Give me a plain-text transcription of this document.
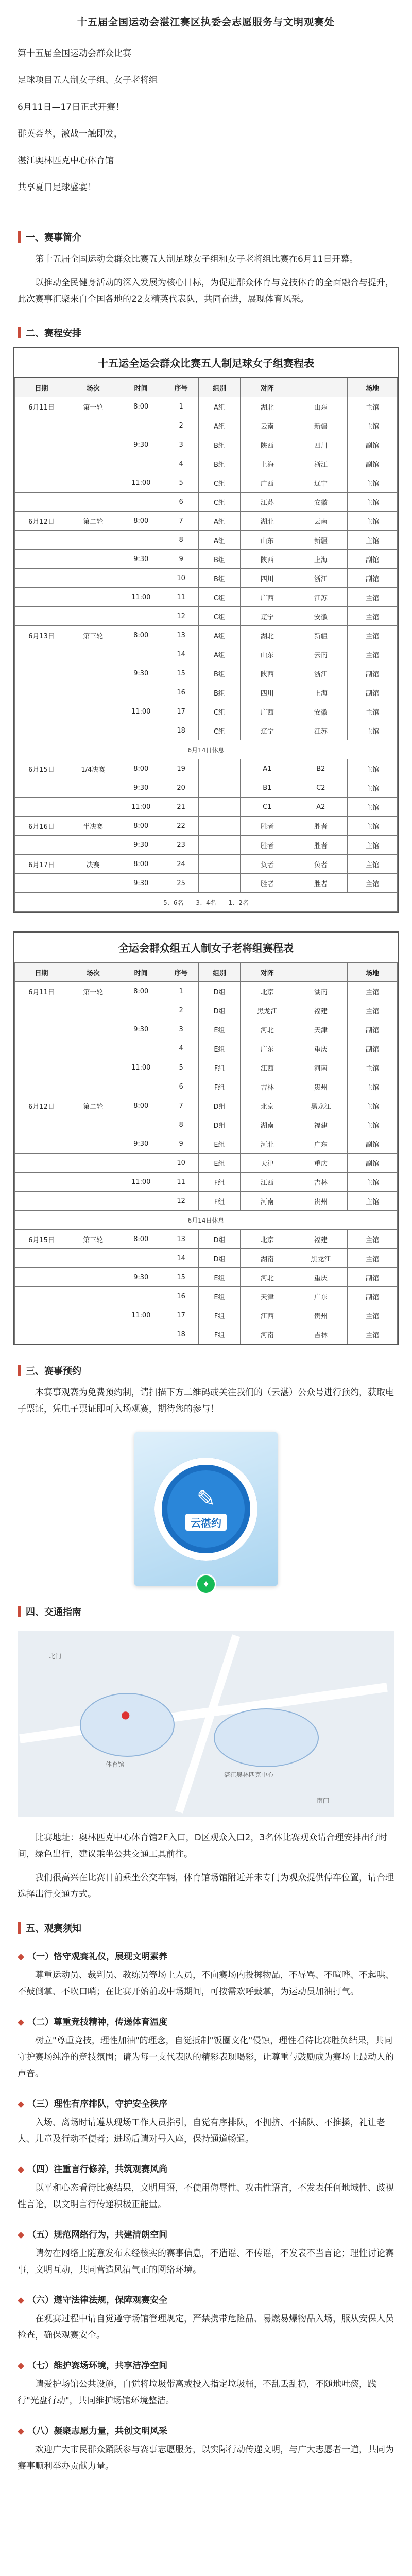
十五届全国运动会湛江赛区执委会志愿服务与文明观赛处

第十五届全国运动会群众比赛

足球项目五人制女子组、女子老将组

6月11日—17日正式开赛！

群英荟萃，激战一触即发，

湛江奥林匹克中心体育馆

共享夏日足球盛宴！

一、赛事简介

第十五届全国运动会群众比赛五人制足球女子组和女子老将组比赛在6月11日开幕。

以推动全民健身活动的深入发展为核心目标，为促进群众体育与竞技体育的全面融合与提升，此次赛事汇聚来自全国各地的22支精英代表队，共同奋进，展现体育风采。

二、赛程安排
十五运全运会群众比赛五人制足球女子组赛程表
日期	场次	时间	序号	组别	对阵		场地
6月11日	第一轮	8:00	1	A组	湖北	山东	主馆
			2	A组	云南	新疆	主馆
		9:30	3	B组	陕西	四川	副馆
			4	B组	上海	浙江	副馆
		11:00	5	C组	广西	辽宁	主馆
			6	C组	江苏	安徽	主馆
6月12日	第二轮	8:00	7	A组	湖北	云南	主馆
			8	A组	山东	新疆	主馆
		9:30	9	B组	陕西	上海	副馆
			10	B组	四川	浙江	副馆
		11:00	11	C组	广西	江苏	主馆
			12	C组	辽宁	安徽	主馆
6月13日	第三轮	8:00	13	A组	湖北	新疆	主馆
			14	A组	山东	云南	主馆
		9:30	15	B组	陕西	浙江	副馆
			16	B组	四川	上海	副馆
		11:00	17	C组	广西	安徽	主馆
			18	C组	辽宁	江苏	主馆
6月14日休息							
6月15日	1/4决赛	8:00	19		A1	B2	主馆
		9:30	20		B1	C2	主馆
		11:00	21		C1	A2	主馆
6月16日	半决赛	8:00	22		胜者	胜者	主馆
		9:30	23		胜者	胜者	主馆
6月17日	决赛	8:00	24		负者	负者	主馆
		9:30	25		胜者	胜者	主馆
5、6名　　3、4名　　1、2名							
全运会群众组五人制女子老将组赛程表
日期	场次	时间	序号	组别	对阵		场地
6月11日	第一轮	8:00	1	D组	北京	湖南	主馆
			2	D组	黑龙江	福建	主馆
		9:30	3	E组	河北	天津	副馆
			4	E组	广东	重庆	副馆
		11:00	5	F组	江西	河南	主馆
			6	F组	吉林	贵州	主馆
6月12日	第二轮	8:00	7	D组	北京	黑龙江	主馆
			8	D组	湖南	福建	主馆
		9:30	9	E组	河北	广东	副馆
			10	E组	天津	重庆	副馆
		11:00	11	F组	江西	吉林	主馆
			12	F组	河南	贵州	主馆
6月14日休息							
6月15日	第三轮	8:00	13	D组	北京	福建	主馆
			14	D组	湖南	黑龙江	主馆
		9:30	15	E组	河北	重庆	副馆
			16	E组	天津	广东	副馆
		11:00	17	F组	江西	贵州	主馆
			18	F组	河南	吉林	主馆
三、赛事预约

本赛事观赛为免费预约制，请扫描下方二维码或关注我们的（云湛）公众号进行预约，获取电子票证，凭电子票证即可入场观赛，期待您的参与！

✎
云湛约
✦
四、交通指南
●
体育馆
湛江奥林匹克中心
北门
南门

比赛地址：奥林匹克中心体育馆2F入口，D区观众入口2，3名体比赛观众请合理安排出行时间，绿色出行，建议乘坐公共交通工具前往。

我们很高兴在比赛日前乘坐公交车辆，体育馆场馆附近并未专门为观众提供停车位置，请合理选择出行交通方式。

五、观赛须知
◆ （一）恪守观赛礼仪，展现文明素养

尊重运动员、裁判员、教练员等场上人员，不向赛场内投掷物品，不辱骂、不喧哗、不起哄、不鼓倒掌、不吹口哨；在比赛开始前或中场期间，可按需欢呼鼓掌，为运动员加油打气。

◆ （二）尊重竞技精神，传递体育温度

树立"尊重竞技，理性加油"的理念，自觉抵制"饭圈文化"侵蚀，理性看待比赛胜负结果，共同守护赛场纯净的竞技氛围；请为每一支代表队的精彩表现喝彩，让尊重与鼓励成为赛场上最动人的声音。

◆ （三）理性有序排队，守护安全秩序

入场、离场时请遵从现场工作人员指引，自觉有序排队，不拥挤、不插队、不推搡，礼让老人、儿童及行动不便者；进场后请对号入座，保持通道畅通。

◆ （四）注重言行修养，共筑观赛风尚

以平和心态看待比赛结果，文明用语，不使用侮辱性、攻击性语言，不发表任何地域性、歧视性言论，以文明言行传递积极正能量。

◆ （五）规范网络行为，共建清朗空间

请勿在网络上随意发布未经核实的赛事信息，不造谣、不传谣，不发表不当言论；理性讨论赛事，文明互动，共同营造风清气正的网络环境。

◆ （六）遵守法律法规，保障观赛安全

在观赛过程中请自觉遵守场馆管理规定，严禁携带危险品、易燃易爆物品入场，服从安保人员检查，确保观赛安全。

◆ （七）维护赛场环境，共享洁净空间

请爱护场馆公共设施，自觉将垃圾带离或投入指定垃圾桶，不乱丢乱扔，不随地吐痰，践行"光盘行动"，共同维护场馆环境整洁。

◆ （八）凝聚志愿力量，共创文明风采

欢迎广大市民群众踊跃参与赛事志愿服务，以实际行动传递文明，与广大志愿者一道，共同为赛事顺利举办贡献力量。
